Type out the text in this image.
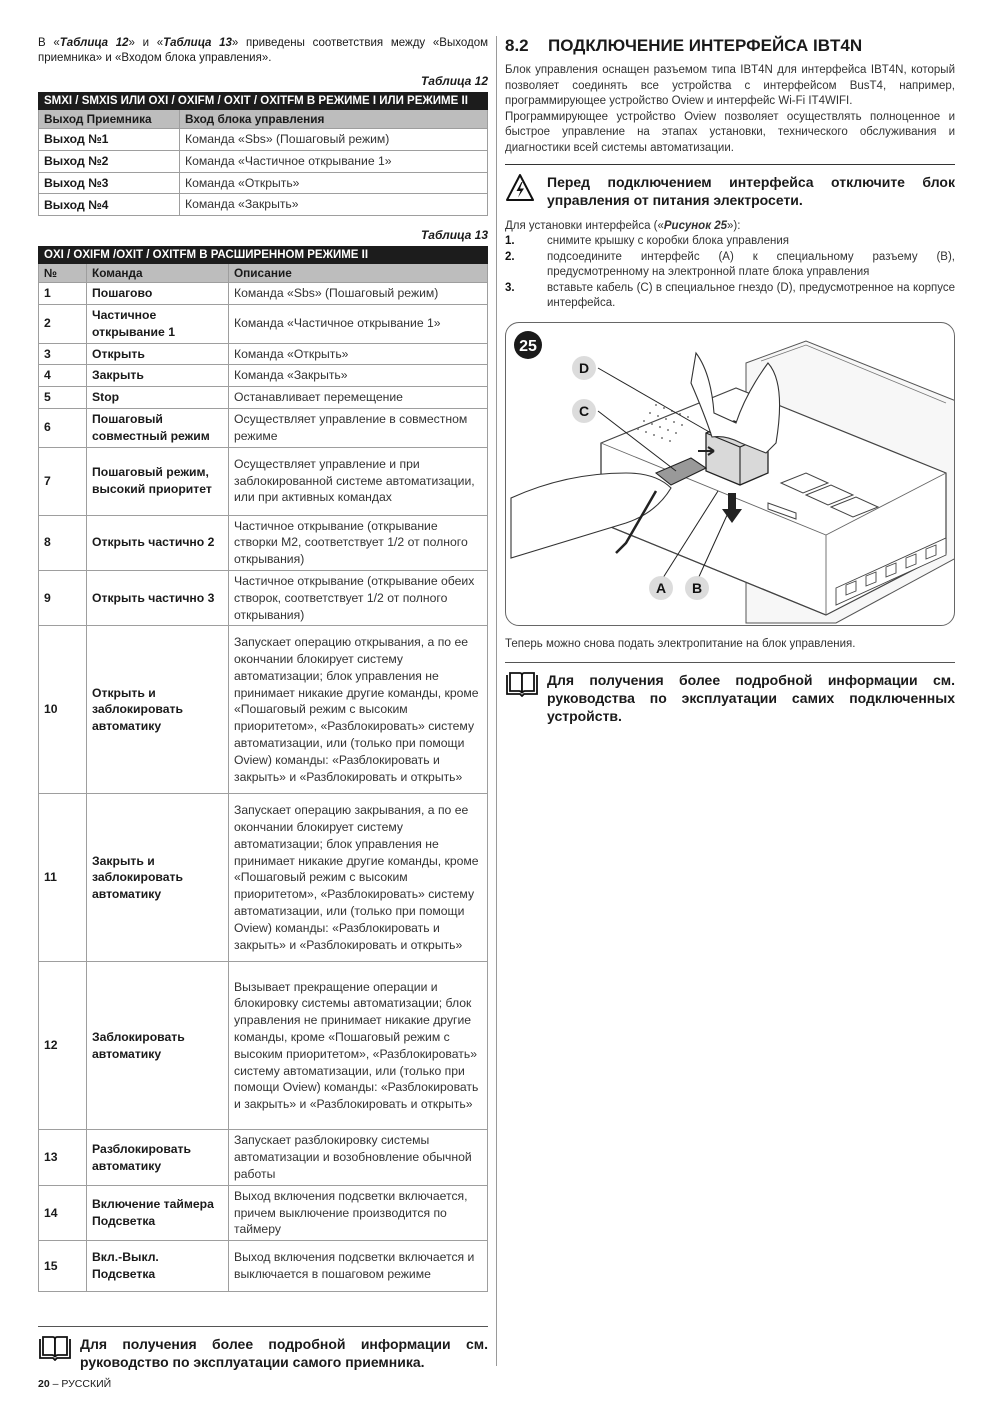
В «Таблица 12» и «Таблица 13» приведены соответствия между «Выходом приемника» и «Входом блока управления».

Таблица 12
SMXI / SMXIS ИЛИ OXI / OXIFM / OXIT / OXITFM В РЕЖИМЕ I ИЛИ РЕЖИМЕ II	
Выход Приемника	Вход блока управления
Выход №1	Команда «Sbs» (Пошаговый режим)
Выход №2	Команда «Частичное открывание 1»
Выход №3	Команда «Открыть»
Выход №4	Команда «Закрыть»
Таблица 13
OXI / OXIFM /OXIT / OXITFM В РАСШИРЕННОМ РЕЖИМЕ II		
№	Команда	Описание
1	Пошагово	Команда «Sbs» (Пошаговый режим)
2	Частичное открывание 1	Команда «Частичное открывание 1»
3	Открыть	Команда «Открыть»
4	Закрыть	Команда «Закрыть»
5	Stop	Останавливает перемещение
6	Пошаговый совместный режим	Осуществляет управление в совместном режиме
7	Пошаговый режим, высокий приоритет	Осуществляет управление и при заблокированной системе автоматизации, или при активных командах
8	Открыть частично 2	Частичное открывание (открывание створки M2, соответствует 1/2 от полного открывания)
9	Открыть частично 3	Частичное открывание (открывание обеих створок, соответствует 1/2 от полного открывания)
10	Открыть и заблокировать автоматику	Запускает операцию открывания, а по ее окончании блокирует систему автоматизации; блок управления не принимает никакие другие команды, кроме «Пошаговый режим с высоким приоритетом», «Разблокировать» систему автоматизации, или (только при помощи Oview) команды: «Разблокировать и закрыть» и «Разблокировать и открыть»
11	Закрыть и заблокировать автоматику	Запускает операцию закрывания, а по ее окончании блокирует систему автоматизации; блок управления не принимает никакие другие команды, кроме «Пошаговый режим с высоким приоритетом», «Разблокировать» систему автоматизации, или (только при помощи Oview) команды: «Разблокировать и закрыть» и «Разблокировать и открыть»
12	Заблокировать автоматику	Вызывает прекращение операции и блокировку системы автоматизации; блок управления не принимает никакие другие команды, кроме «Пошаговый режим с высоким приоритетом», «Разблокировать» систему автоматизации, или (только при помощи Oview) команды: «Разблокировать и закрыть» и «Разблокировать и открыть»
13	Разблокировать автоматику	Запускает разблокировку системы автоматизации и возобновление обычной работы
14	Включение таймера Подсветка	Выход включения подсветки включается, причем выключение производится по таймеру
15	Вкл.-Выкл. Подсветка	Выход включения подсветки включается и выключается в пошаговом режиме

Для получения более подробной информации см. руководство по эксплуатации самого приемника.

20 – РУССКИЙ
8.2	ПОДКЛЮЧЕНИЕ ИНТЕРФЕЙСА IBT4N

Блок управления оснащен разъемом типа IBT4N для интерфейса IBT4N, который позволяет соединять все устройства с интерфейсом BusT4, например, программирующее устройство Oview и интерфейс Wi-Fi IT4WIFI.

Программирующее устройство Oview позволяет осуществлять полноценное и быстрое управление на этапах установки, технического обслуживания и диагностики всей системы автоматизации.

Перед подключением интерфейса отключите блок управления от питания электросети.

Для установки интерфейса («Рисунок 25»):

1.	снимите крышку с коробки блока управления
2.	подсоедините интерфейс (A) к специальному разъему (B), предусмотренному на электронной плате блока управления
3.	вставьте кабель (C) в специальное гнездо (D), предусмотренное на корпусе интерфейса.
25
D
C
A B

Теперь можно снова подать электропитание на блок управления.

Для получения более подробной информации см. руководства по эксплуатации самих подключенных устройств.
